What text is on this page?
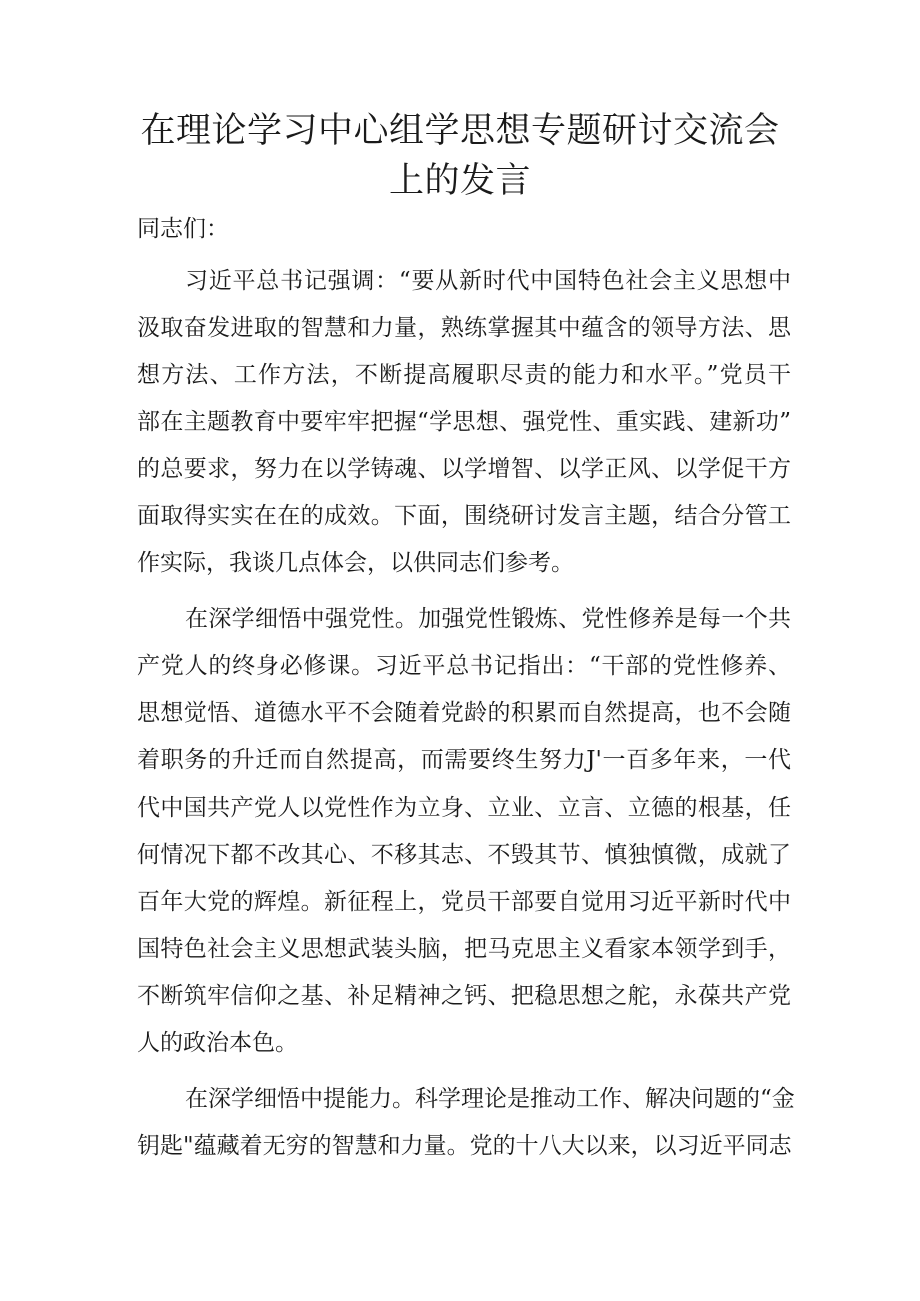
在理论学习中心组学思想专题研讨交流会
上的发言

同志们：

习近平总书记强调：“要从新时代中国特色社会主义思想中

汲取奋发进取的智慧和力量，熟练掌握其中蕴含的领导方法、思

想方法、工作方法，不断提高履职尽责的能力和水平。”党员干

部在主题教育中要牢牢把握“学思想、强党性、重实践、建新功”

的总要求，努力在以学铸魂、以学增智、以学正风、以学促干方

面取得实实在在的成效。下面，围绕研讨发言主题，结合分管工

作实际，我谈几点体会，以供同志们参考。

在深学细悟中强党性。加强党性锻炼、党性修养是每一个共

产党人的终身必修课。习近平总书记指出：“干部的党性修养、

思想觉悟、道德水平不会随着党龄的积累而自然提高，也不会随

着职务的升迁而自然提高，而需要终生努力J'一百多年来，一代

代中国共产党人以党性作为立身、立业、立言、立德的根基，任

何情况下都不改其心、不移其志、不毁其节、慎独慎微，成就了

百年大党的辉煌。新征程上，党员干部要自觉用习近平新时代中

国特色社会主义思想武装头脑，把马克思主义看家本领学到手，

不断筑牢信仰之基、补足精神之钙、把稳思想之舵，永葆共产党

人的政治本色。

在深学细悟中提能力。科学理论是推动工作、解决问题的“金

钥匙"蕴藏着无穷的智慧和力量。党的十八大以来，以习近平同志
